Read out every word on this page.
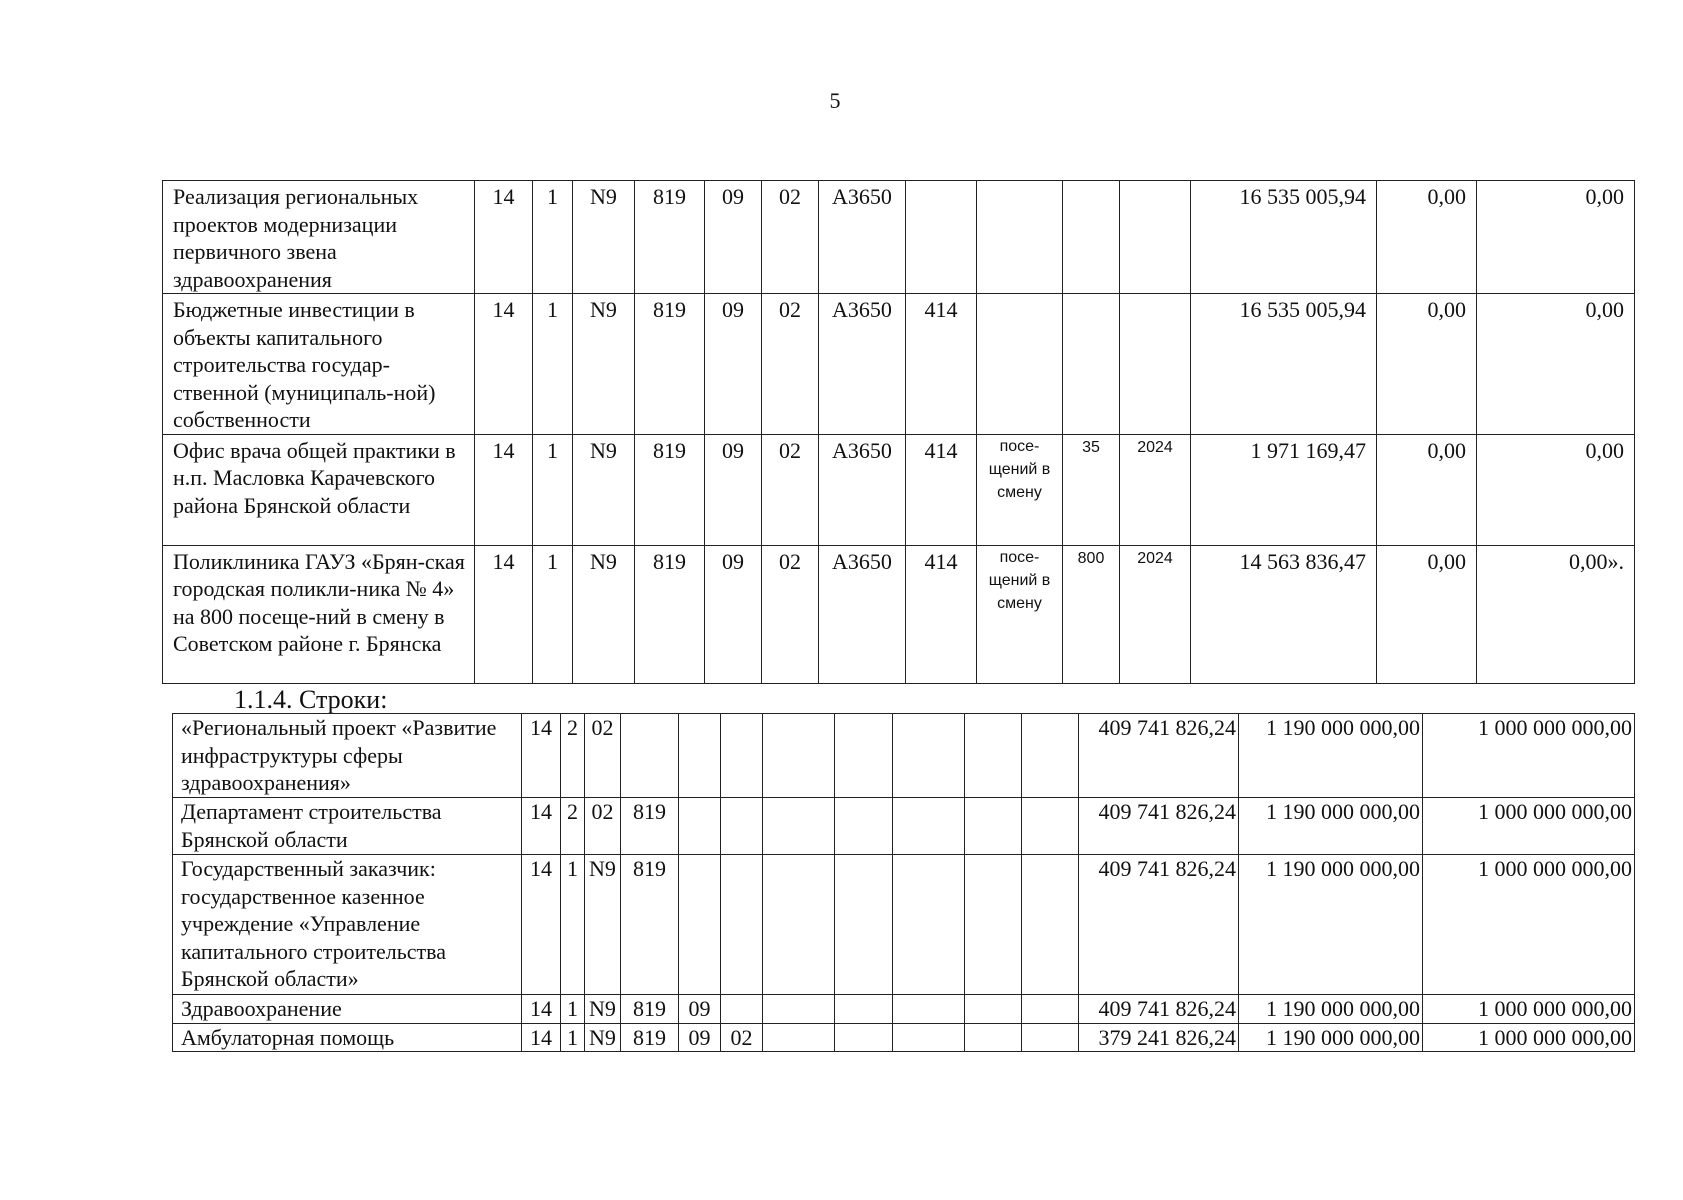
5
Реализация региональных проектов модернизации первичного звена здравоохранения	14	1	N9	819	09	02	А3650					16 535 005,94	0,00	0,00
Бюджетные инвестиции в объекты капитального строительства государ-ственной (муниципаль-ной) собственности	14	1	N9	819	09	02	А3650	414				16 535 005,94	0,00	0,00
Офис врача общей практики в н.п. Масловка Карачевского района Брянской области	14	1	N9	819	09	02	А3650	414	посе-щений в смену	35	2024	1 971 169,47	0,00	0,00
Поликлиника ГАУЗ «Брян-ская городская поликли-ника № 4» на 800 посеще-ний в смену в Советском районе г. Брянска	14	1	N9	819	09	02	А3650	414	посе-щений в смену	800	2024	14 563 836,47	0,00	0,00».
1.1.4. Строки:
«Региональный проект «Развитие инфраструктуры сферы здравоохранения»	14	2	02									409 741 826,24	1 190 000 000,00	1 000 000 000,00
Департамент строительства Брянской области	14	2	02	819								409 741 826,24	1 190 000 000,00	1 000 000 000,00
Государственный заказчик: государственное казенное учреждение «Управление капитального строительства Брянской области»	14	1	N9	819								409 741 826,24	1 190 000 000,00	1 000 000 000,00
Здравоохранение	14	1	N9	819	09							409 741 826,24	1 190 000 000,00	1 000 000 000,00
Амбулаторная помощь	14	1	N9	819	09	02						379 241 826,24	1 190 000 000,00	1 000 000 000,00
